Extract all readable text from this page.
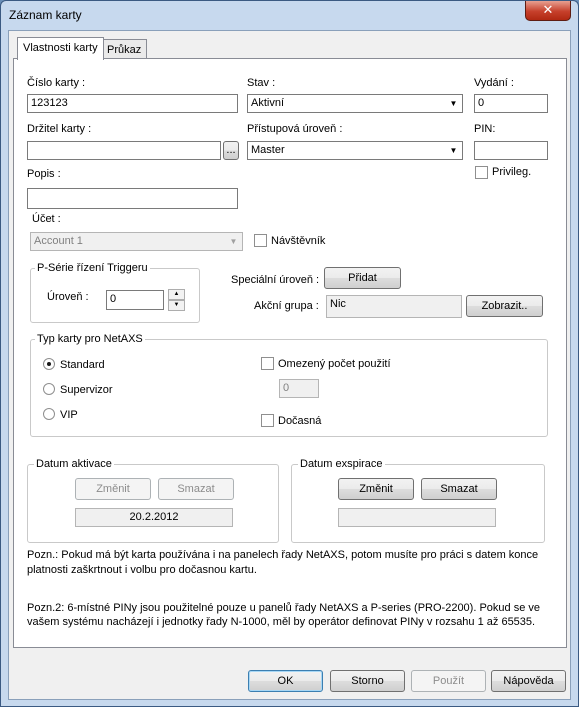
Záznam karty	✕
Vlastnosti karty Průkaz
Číslo karty :
123123
Stav :
Aktivní	▼
Vydání :
0
Držitel karty :
...
Přístupová úroveň :
Master	▼
PIN:
Privileg.
Popis :
Účet :
Account 1	▼	Návštěvník
P-Série řízení Triggeru
Úroveň :	0	▲
▼
Speciální úroveň :	Přidat
Akční grupa :	Nic	Zobrazit..
Typ karty pro NetAXS
Standard
Supervizor
VIP
Omezený počet použití
0
Dočasná
Datum aktivace
Změnit	Smazat
20.2.2012
Datum exspirace
Změnit	Smazat
Pozn.: Pokud má být karta používána i na panelech řady NetAXS, potom musíte pro práci s datem konce
platnosti zaškrtnout i volbu pro dočasnou kartu.
Pozn.2: 6-místné PINy jsou použitelné pouze u panelů řady NetAXS a P-series (PRO-2200). Pokud se ve
vašem systému nacházejí i jednotky řady N-1000, měl by operátor definovat PINy v rozsahu 1 až 65535.
OK	Storno	Použít	Nápověda
